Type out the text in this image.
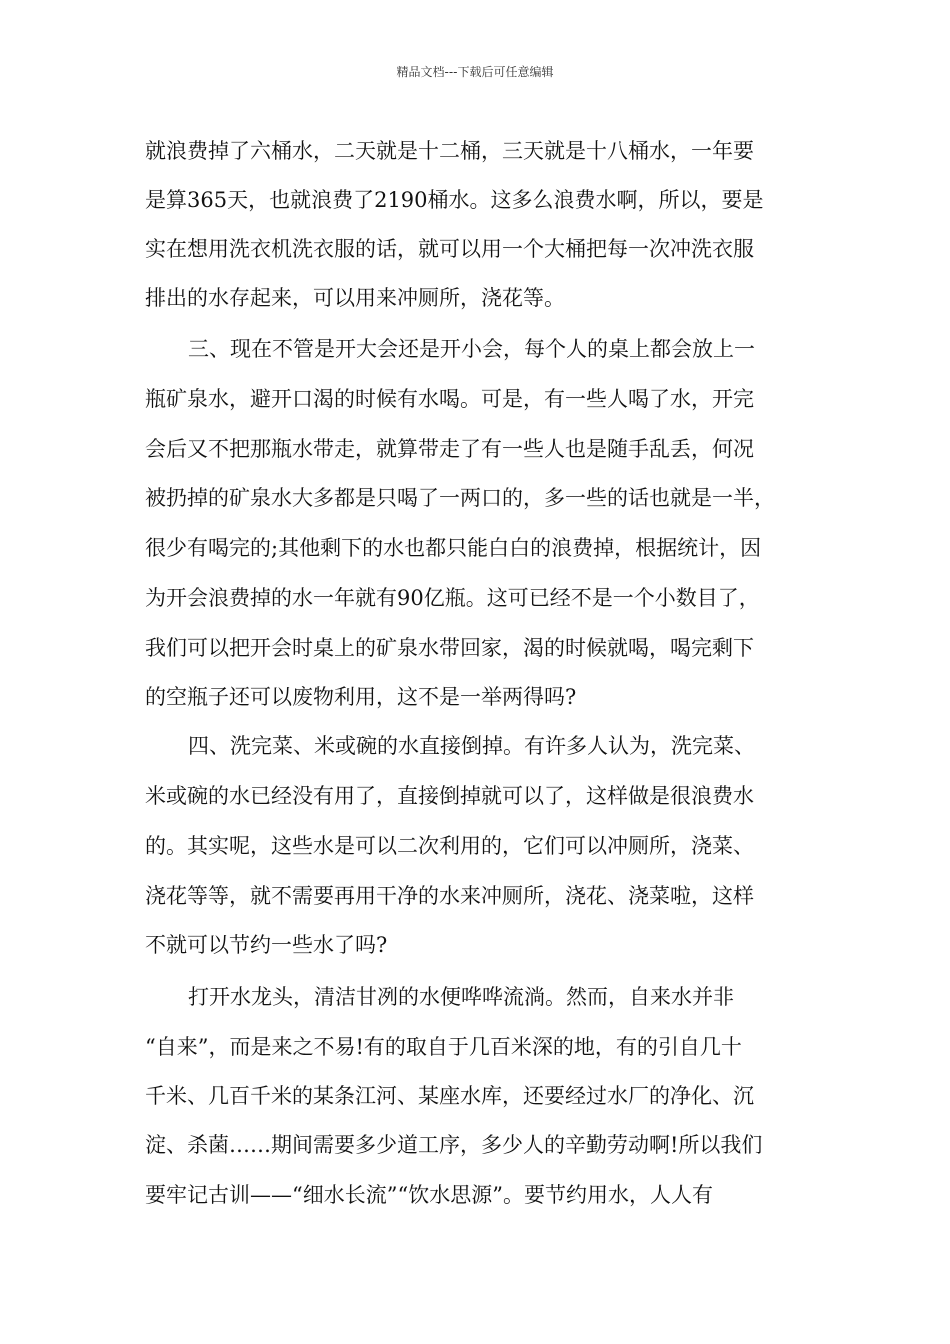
精品文档---下载后可任意编辑
就浪费掉了六桶水，二天就是十二桶，三天就是十八桶水，一年要
是算365天，也就浪费了2190桶水。这多么浪费水啊，所以，要是
实在想用洗衣机洗衣服的话，就可以用一个大桶把每一次冲洗衣服
排出的水存起来，可以用来冲厕所，浇花等。
三、现在不管是开大会还是开小会，每个人的桌上都会放上一
瓶矿泉水，避开口渴的时候有水喝。可是，有一些人喝了水，开完
会后又不把那瓶水带走，就算带走了有一些人也是随手乱丢，何况
被扔掉的矿泉水大多都是只喝了一两口的，多一些的话也就是一半，
很少有喝完的;其他剩下的水也都只能白白的浪费掉，根据统计，因
为开会浪费掉的水一年就有90亿瓶。这可已经不是一个小数目了，
我们可以把开会时桌上的矿泉水带回家，渴的时候就喝，喝完剩下
的空瓶子还可以废物利用，这不是一举两得吗?
四、洗完菜、米或碗的水直接倒掉。有许多人认为，洗完菜、
米或碗的水已经没有用了，直接倒掉就可以了，这样做是很浪费水
的。其实呢，这些水是可以二次利用的，它们可以冲厕所，浇菜、
浇花等等，就不需要再用干净的水来冲厕所，浇花、浇菜啦，这样
不就可以节约一些水了吗?
打开水龙头，清洁甘冽的水便哗哗流淌。然而，自来水并非
“自来”，而是来之不易!有的取自于几百米深的地，有的引自几十
千米、几百千米的某条江河、某座水库，还要经过水厂的净化、沉
淀、杀菌……期间需要多少道工序，多少人的辛勤劳动啊!所以我们
要牢记古训——“细水长流”“饮水思源”。要节约用水，人人有
